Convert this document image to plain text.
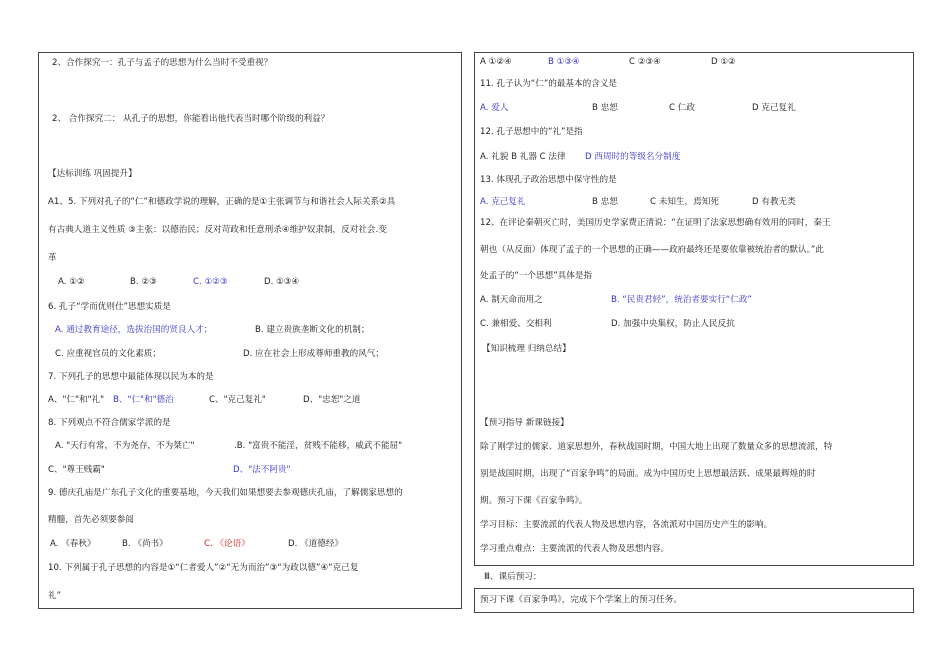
2、合作探究一：孔子与孟子的思想为什么当时不受重视？
2、 合作探究二： 从孔子的思想，你能看出他代表当时哪个阶级的利益？
【达标训练 巩固提升】
A1、5. 下列对孔子的“仁”和德政学说的理解，正确的是①主张调节与和谐社会人际关系②具
有古典人道主义性质 ③主张：以德治民；反对苛政和任意刑杀④维护奴隶制，反对社会.变
革
A. ①②	B. ②③	C. ①②③	D. ①③④
6. 孔子“学而优则仕”思想实质是
A. 通过教育途径，选拔治国的贤良人才；	B. 建立贵族垄断文化的机制；
C. 应重视官员的文化素质；	D. 应在社会上形成尊师重教的风气；
7. 下列孔子的思想中最能体现以民为本的是
A、"仁"和"礼" B、"仁"和"德治	C、"克己复礼"	D、"忠恕"之道
8. 下列观点不符合儒家学派的是
A. "天行有常，不为尧存，不为桀亡"	.B. "富贵不能淫，贫贱不能移，威武不能屈"
C、"尊王贱霸"	D、"法不阿贵"
9. 德庆孔庙是广东孔子文化的重要基地，今天我们如果想要去参观德庆孔庙，了解儒家思想的
精髓，首先必须要参阅
A. 《春秋》	B. 《尚书》	C. 《论语》	D. 《道德经》
10. 下列属于孔子思想的内容是①“仁者爱人”②“无为而治”③“为政以德”④“克己复
礼”
A ①②④	B ①③④	C ②③④	D ①②
11. 孔子认为“仁”的最基本的含义是
A. 爱人	B 忠恕	C 仁政	D 克己复礼
12. 孔子思想中的“礼”是指
A. 礼貌 B 礼器 C 法律 D 西周时的等级名分制度
13. 体现孔子政治思想中保守性的是
A. 克己复礼	B 忠恕	C 未知生，焉知死	D 有教无类
12、在评论秦朝灭亡时，美国历史学家费正清说：“在证明了法家思想确有效用的同时，秦王
朝也（从反面）体现了孟子的一个思想的正确——政府最终还是要依靠被统治者的默认。”此
处孟子的“一个思想”具体是指
A. 制天命而用之	B. “民贵君轻”，统治者要实行“仁政”
C. 兼相爱、交相利	D. 加强中央集权，防止人民反抗
【知识梳理 归纳总结】
【预习指导 新课链接】
除了刚学过的儒家、道家思想外，春秋战国时期，中国大地上出现了数量众多的思想流派，特
别是战国时期，出现了“百家争鸣”的局面。成为中国历史上思想最活跃、成果最辉煌的时
期。预习下课《百家争鸣》。
学习目标：主要流派的代表人物及思想内容，各流派对中国历史产生的影响。
学习重点难点：主要流派的代表人物及思想内容。
Ⅲ、课后预习：
预习下课《百家争鸣》，完成下个学案上的预习任务。
